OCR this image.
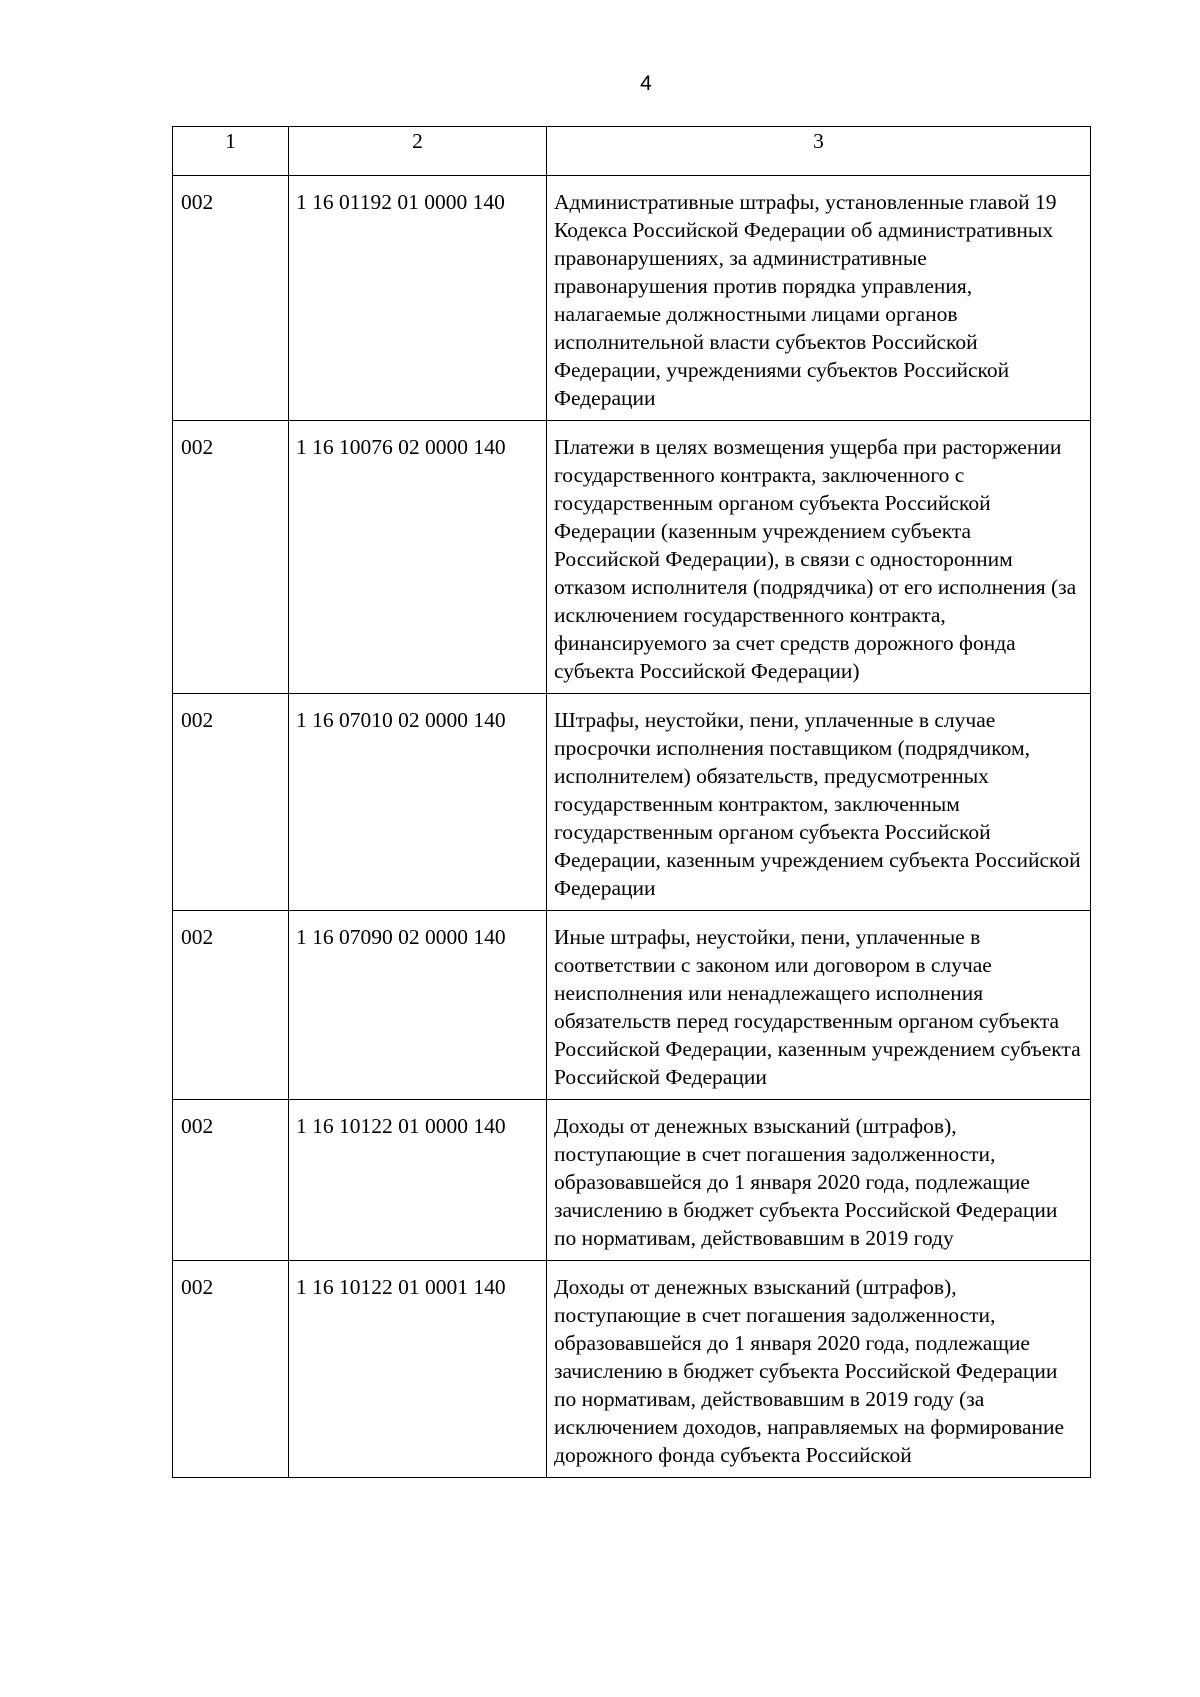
4
1	2	3
002	1 16 01192 01 0000 140	Административные штрафы, установленные главой 19 Кодекса Российской Федерации об административных правонарушениях, за административные правонарушения против порядка управления, налагаемые должностными лицами органов исполнительной власти субъектов Российской Федерации, учреждениями субъектов Российской Федерации
002	1 16 10076 02 0000 140	Платежи в целях возмещения ущерба при расторжении государственного контракта, заключенного с государственным органом субъекта Российской Федерации (казенным учреждением субъекта Российской Федерации), в связи с односторонним отказом исполнителя (подрядчика) от его исполнения (за исключением государственного контракта, финансируемого за счет средств дорожного фонда субъекта Российской Федерации)
002	1 16 07010 02 0000 140	Штрафы, неустойки, пени, уплаченные в случае просрочки исполнения поставщиком (подрядчиком, исполнителем) обязательств, предусмотренных государственным контрактом, заключенным государственным органом субъекта Российской Федерации, казенным учреждением субъекта Российской Федерации
002	1 16 07090 02 0000 140	Иные штрафы, неустойки, пени, уплаченные в соответствии с законом или договором в случае неисполнения или ненадлежащего исполнения обязательств перед государственным органом субъекта Российской Федерации, казенным учреждением субъекта Российской Федерации
002	1 16 10122 01 0000 140	Доходы от денежных взысканий (штрафов), поступающие в счет погашения задолженности, образовавшейся до 1 января 2020 года, подлежащие зачислению в бюджет субъекта Российской Федерации по нормативам, действовавшим в 2019 году
002	1 16 10122 01 0001 140	Доходы от денежных взысканий (штрафов), поступающие в счет погашения задолженности, образовавшейся до 1 января 2020 года, подлежащие зачислению в бюджет субъекта Российской Федерации по нормативам, действовавшим в 2019 году (за исключением доходов, направляемых на формирование дорожного фонда субъекта Российской
